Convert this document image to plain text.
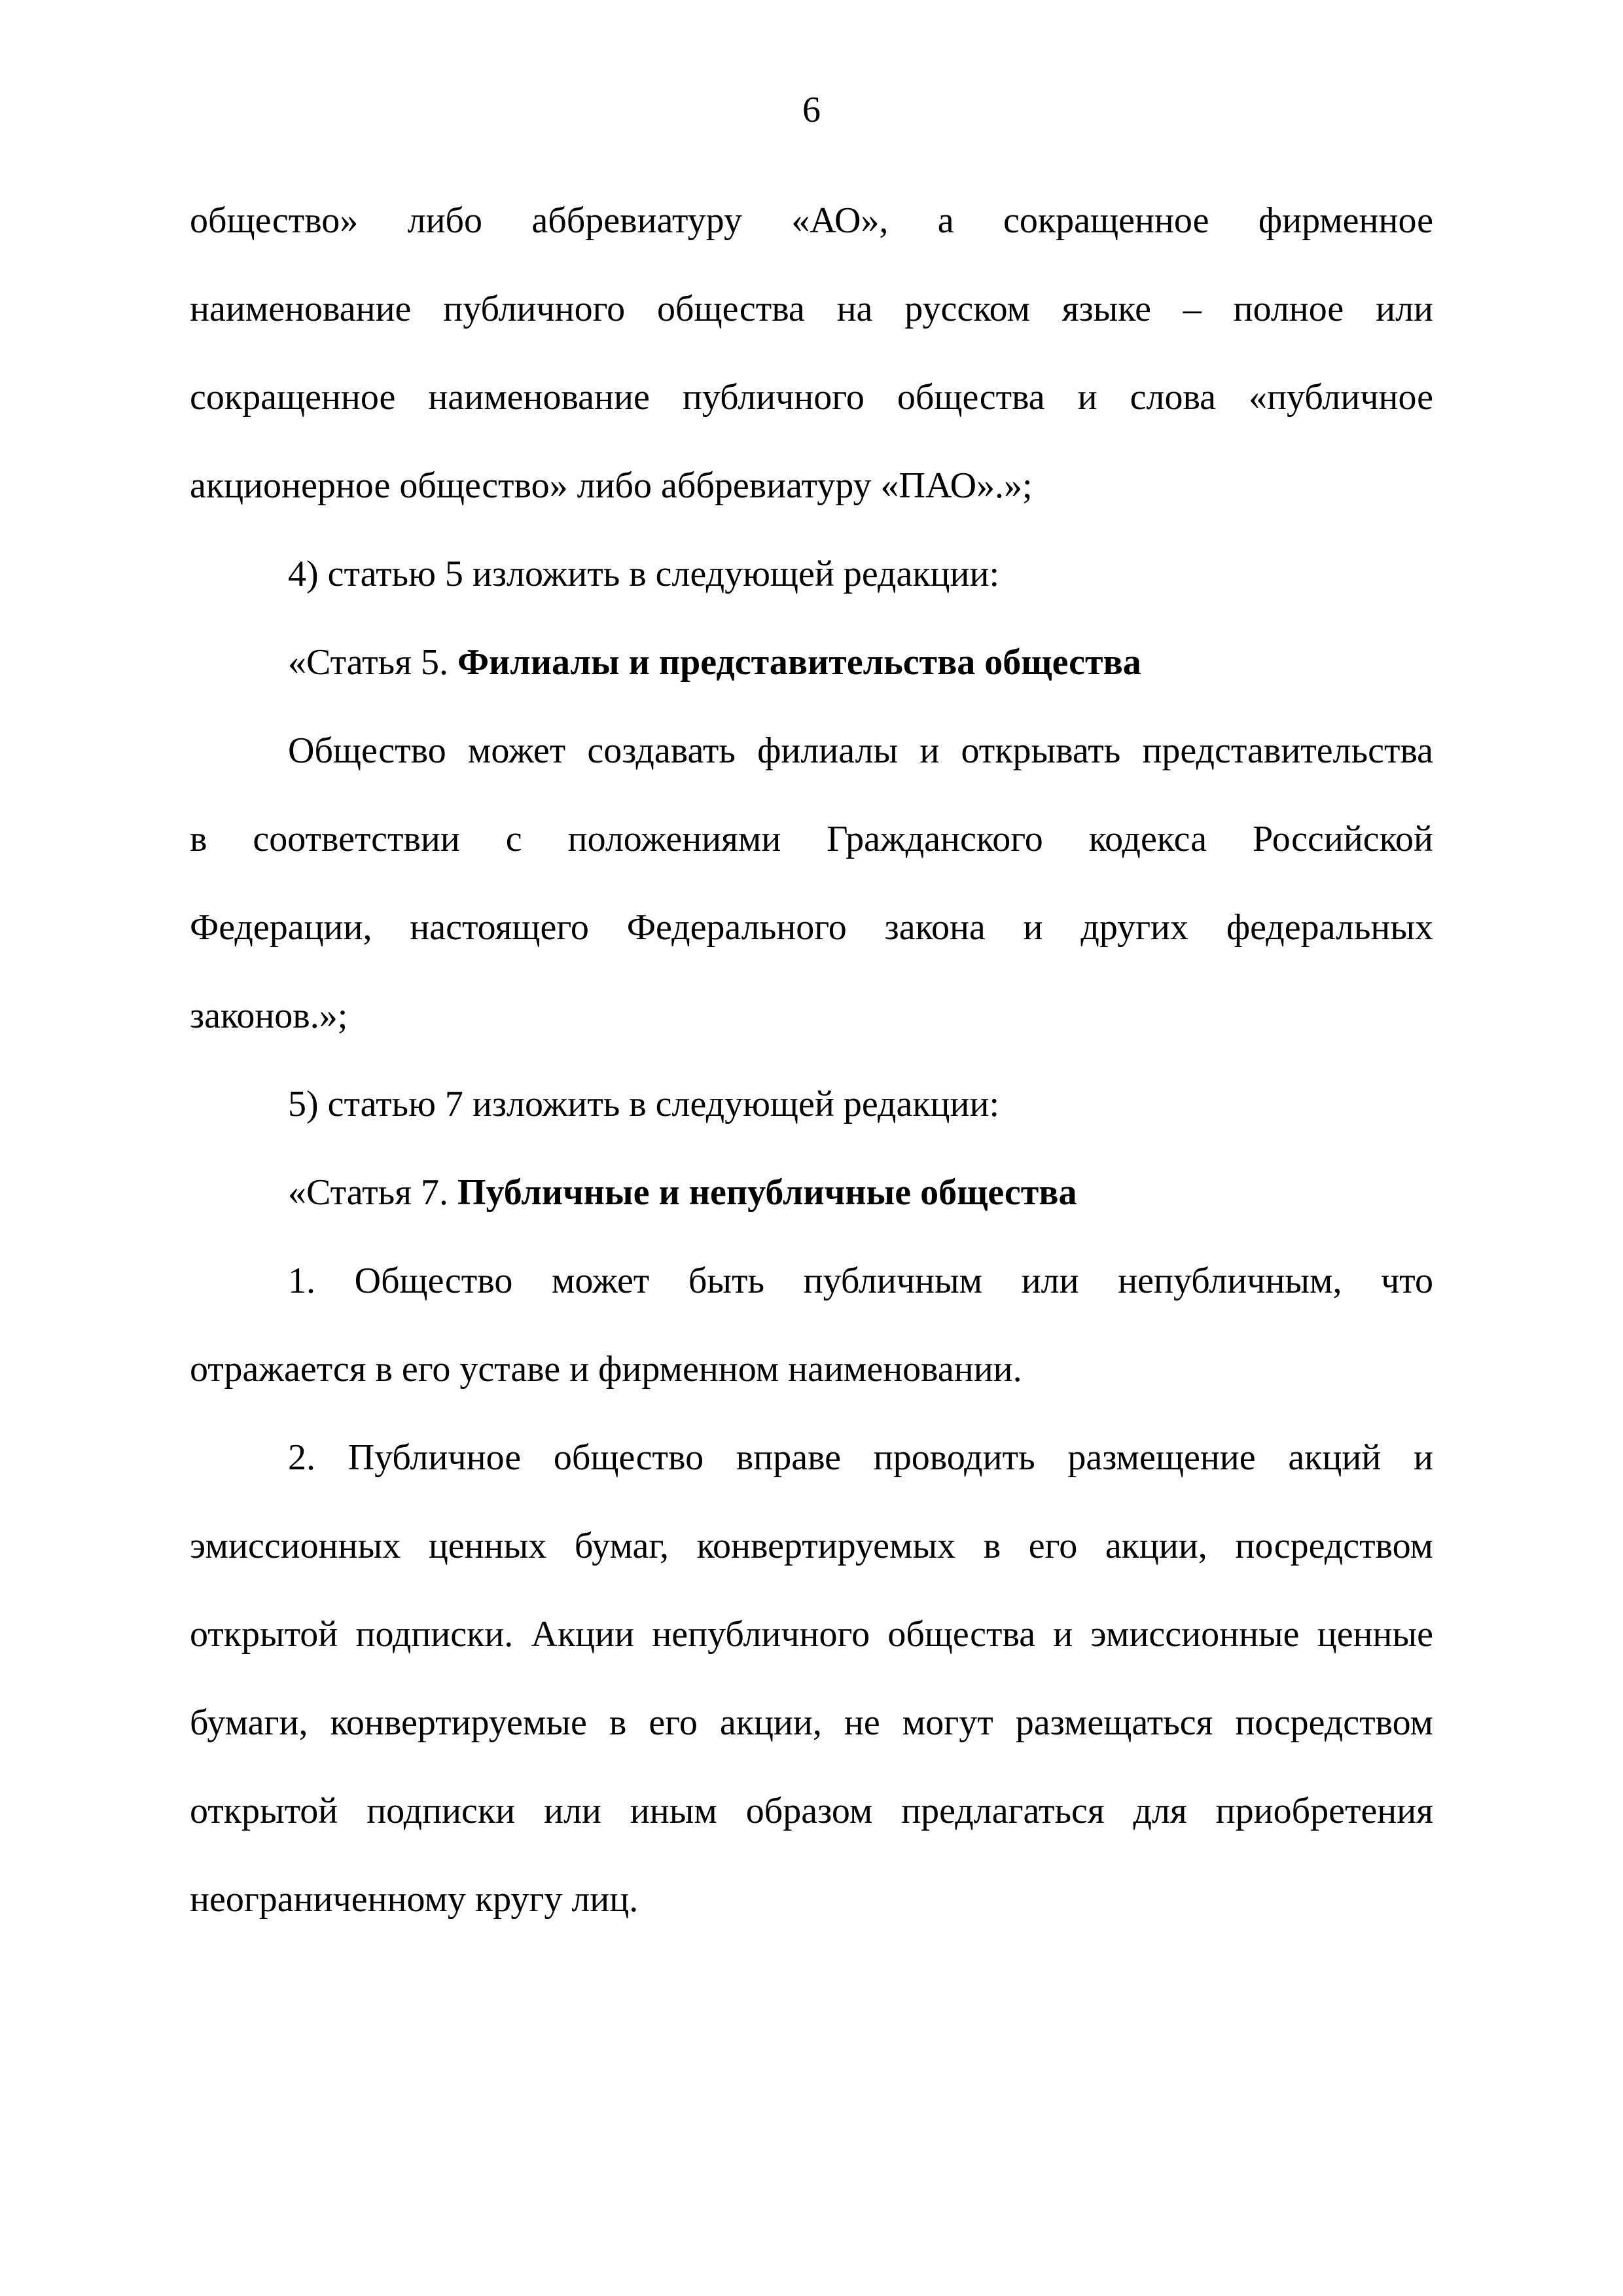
6
общество» либо аббревиатуру «АО», а сокращенное фирменное
наименование публичного общества на русском языке – полное или
сокращенное наименование публичного общества и слова «публичное
акционерное общество» либо аббревиатуру «ПАО».»;
4) статью 5 изложить в следующей редакции:
«Статья 5. Филиалы и представительства общества
Общество может создавать филиалы и открывать представительства
в соответствии с положениями Гражданского кодекса Российской
Федерации, настоящего Федерального закона и других федеральных
законов.»;
5) статью 7 изложить в следующей редакции:
«Статья 7. Публичные и непубличные общества
1. Общество может быть публичным или непубличным, что
отражается в его уставе и фирменном наименовании.
2. Публичное общество вправе проводить размещение акций и
эмиссионных ценных бумаг, конвертируемых в его акции, посредством
открытой подписки. Акции непубличного общества и эмиссионные ценные
бумаги, конвертируемые в его акции, не могут размещаться посредством
открытой подписки или иным образом предлагаться для приобретения
неограниченному кругу лиц.
